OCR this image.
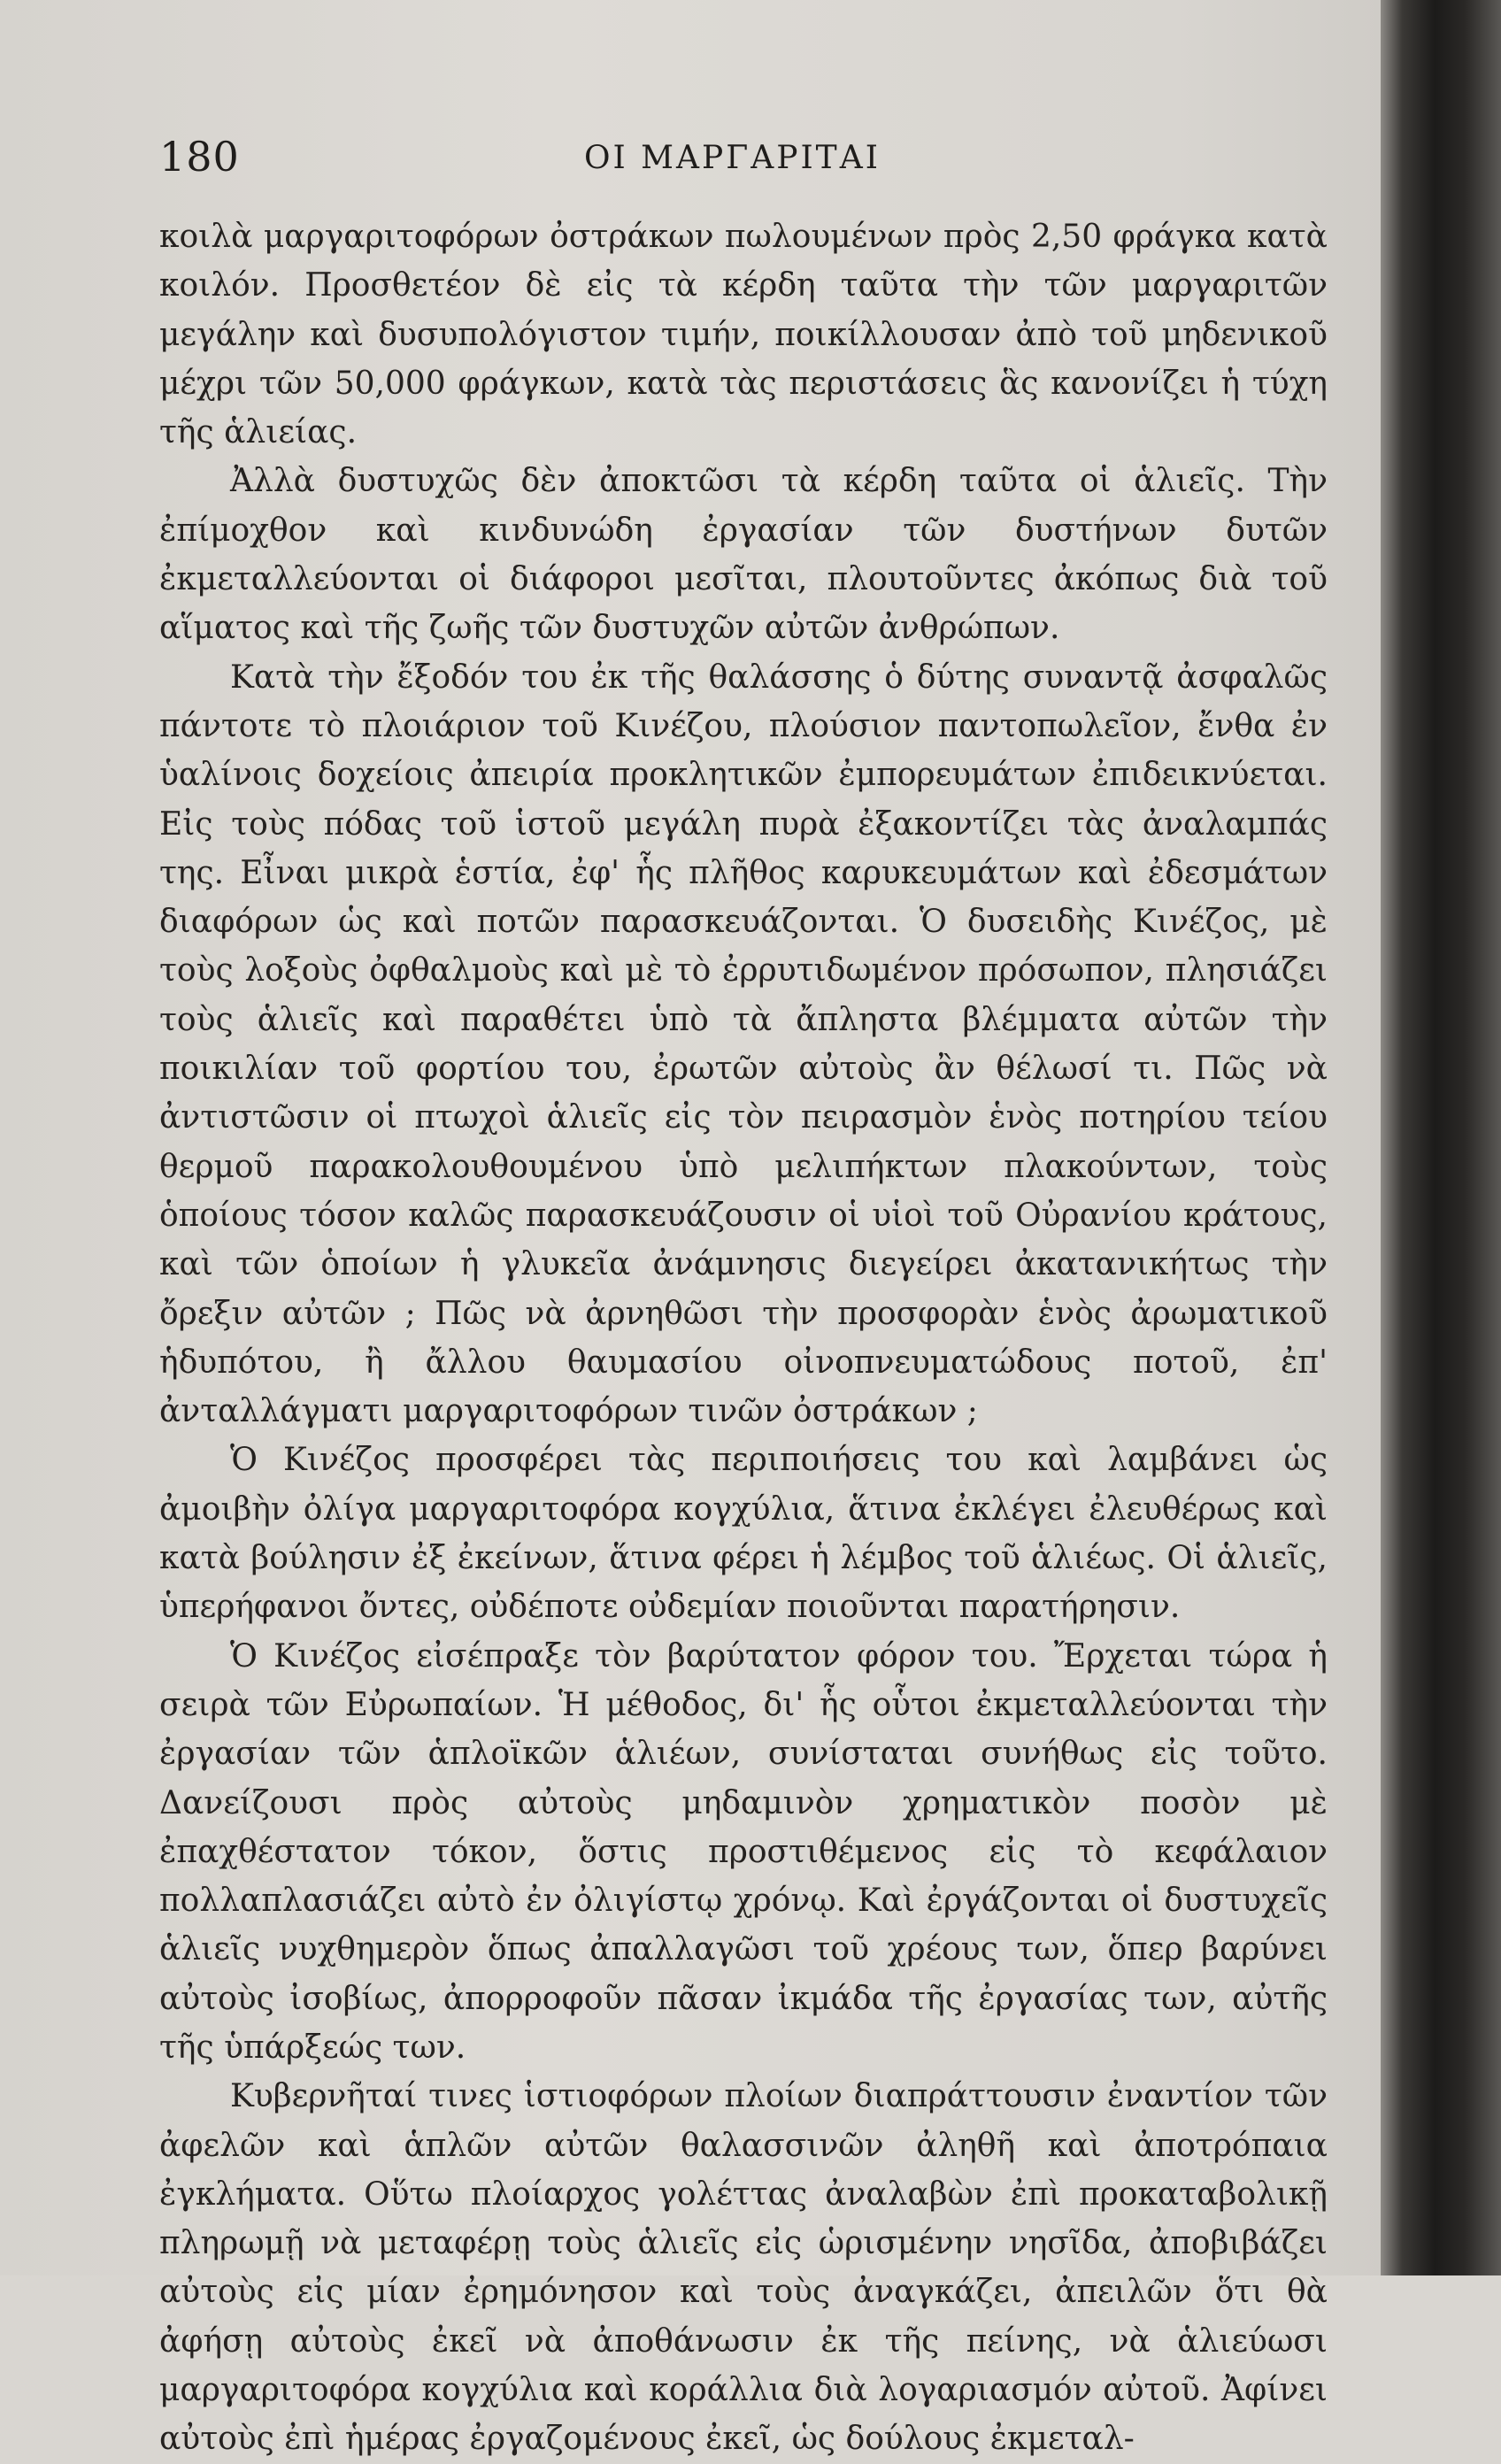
180	ΟΙ ΜΑΡΓΑΡΙΤΑΙ

κοιλὰ μαργαριτοφόρων ὀστράκων πωλουμένων πρὸς 2,50 φράγκα κατὰ κοιλόν. Προσθετέον δὲ εἰς τὰ κέρδη ταῦτα τὴν τῶν μαργαριτῶν μεγάλην καὶ δυσυπολόγιστον τιμήν, ποικίλλουσαν ἀπὸ τοῦ μηδενικοῦ μέχρι τῶν 50,000 φράγκων, κατὰ τὰς περιστάσεις ἃς κανονίζει ἡ τύχη τῆς ἁλιείας.

Ἀλλὰ δυστυχῶς δὲν ἀποκτῶσι τὰ κέρδη ταῦτα οἱ ἁλιεῖς. Τὴν ἐπίμοχθον καὶ κινδυνώδη ἐργασίαν τῶν δυστήνων δυτῶν ἐκμεταλλεύονται οἱ διάφοροι μεσῖται, πλουτοῦντες ἀκόπως διὰ τοῦ αἵματος καὶ τῆς ζωῆς τῶν δυστυχῶν αὐτῶν ἀνθρώπων.

Κατὰ τὴν ἔξοδόν του ἐκ τῆς θαλάσσης ὁ δύτης συναντᾷ ἀσφαλῶς πάντοτε τὸ πλοιάριον τοῦ Κινέζου, πλούσιον παντοπωλεῖον, ἔνθα ἐν ὑαλίνοις δοχείοις ἀπειρία προκλητικῶν ἐμπορευμάτων ἐπιδεικνύεται. Εἰς τοὺς πόδας τοῦ ἱστοῦ μεγάλη πυρὰ ἐξακοντίζει τὰς ἀναλαμπάς της. Εἶναι μικρὰ ἑστία, ἐφ' ἧς πλῆθος καρυκευμάτων καὶ ἐδεσμάτων διαφόρων ὡς καὶ ποτῶν παρασκευάζονται. Ὁ δυσειδὴς Κινέζος, μὲ τοὺς λοξοὺς ὀφθαλμοὺς καὶ μὲ τὸ ἐρρυτιδωμένον πρόσωπον, πλησιάζει τοὺς ἁλιεῖς καὶ παραθέτει ὑπὸ τὰ ἄπληστα βλέμματα αὐτῶν τὴν ποικιλίαν τοῦ φορτίου του, ἐρωτῶν αὐτοὺς ἂν θέλωσί τι. Πῶς νὰ ἀντιστῶσιν οἱ πτωχοὶ ἁλιεῖς εἰς τὸν πειρασμὸν ἑνὸς ποτηρίου τείου θερμοῦ παρακολουθουμένου ὑπὸ μελιπήκτων πλακούντων, τοὺς ὁποίους τόσον καλῶς παρασκευάζουσιν οἱ υἱοὶ τοῦ Οὐρανίου κράτους, καὶ τῶν ὁποίων ἡ γλυκεῖα ἀνάμνησις διεγείρει ἀκατανικήτως τὴν ὄρεξιν αὐτῶν ; Πῶς νὰ ἀρνηθῶσι τὴν προσφορὰν ἑνὸς ἀρωματικοῦ ἡδυπότου, ἢ ἄλλου θαυμασίου οἰνοπνευματώδους ποτοῦ, ἐπ' ἀνταλλάγματι μαργαριτοφόρων τινῶν ὀστράκων ;

Ὁ Κινέζος προσφέρει τὰς περιποιήσεις του καὶ λαμβάνει ὡς ἀμοιβὴν ὀλίγα μαργαριτοφόρα κογχύλια, ἅτινα ἐκλέγει ἐλευθέρως καὶ κατὰ βούλησιν ἐξ ἐκείνων, ἅτινα φέρει ἡ λέμβος τοῦ ἁλιέως. Οἱ ἁλιεῖς, ὑπερήφανοι ὄντες, οὐδέποτε οὐδεμίαν ποιοῦνται παρατήρησιν.

Ὁ Κινέζος εἰσέπραξε τὸν βαρύτατον φόρον του. Ἔρχεται τώρα ἡ σειρὰ τῶν Εὐρωπαίων. Ἡ μέθοδος, δι' ἧς οὗτοι ἐκμεταλλεύονται τὴν ἐργασίαν τῶν ἁπλοϊκῶν ἁλιέων, συνίσταται συνήθως εἰς τοῦτο. Δανείζουσι πρὸς αὐτοὺς μηδαμινὸν χρηματικὸν ποσὸν μὲ ἐπαχθέστατον τόκον, ὅστις προστιθέμενος εἰς τὸ κεφάλαιον πολλαπλασιάζει αὐτὸ ἐν ὀλιγίστῳ χρόνῳ. Καὶ ἐργάζονται οἱ δυστυχεῖς ἁλιεῖς νυχθημερὸν ὅπως ἀπαλλαγῶσι τοῦ χρέους των, ὅπερ βαρύνει αὐτοὺς ἰσοβίως, ἀπορροφοῦν πᾶσαν ἰκμάδα τῆς ἐργασίας των, αὐτῆς τῆς ὑπάρξεώς των.

Κυβερνῆταί τινες ἱστιοφόρων πλοίων διαπράττουσιν ἐναντίον τῶν ἀφελῶν καὶ ἁπλῶν αὐτῶν θαλασσινῶν ἀληθῆ καὶ ἀποτρόπαια ἐγκλήματα. Οὕτω πλοίαρχος γολέττας ἀναλαβὼν ἐπὶ προκαταβολικῇ πληρωμῇ νὰ μεταφέρῃ τοὺς ἁλιεῖς εἰς ὡρισμένην νησῖδα, ἀποβιβάζει αὐτοὺς εἰς μίαν ἐρημόνησον καὶ τοὺς ἀναγκάζει, ἀπειλῶν ὅτι θὰ ἀφήσῃ αὐτοὺς ἐκεῖ νὰ ἀποθάνωσιν ἐκ τῆς πείνης, νὰ ἁλιεύωσι μαργαριτοφόρα κογχύλια καὶ κοράλλια διὰ λογαριασμόν αὐτοῦ. Ἀφίνει αὐτοὺς ἐπὶ ἡμέρας ἐργαζομένους ἐκεῖ, ὡς δούλους ἐκμεταλ-
